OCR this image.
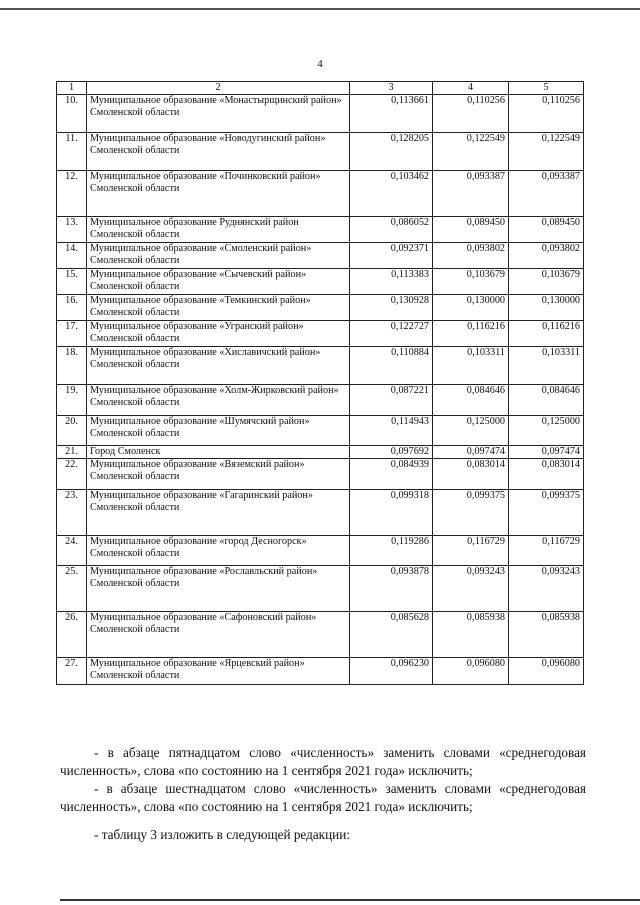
4
1	2	3	4	5
10.	Муниципальное образование «Монастырщинский район» Смоленской области	0,113661	0,110256	0,110256
11.	Муниципальное образование «Новодугинский район» Смоленской области	0,128205	0,122549	0,122549
12.	Муниципальное образование «Починковский район» Смоленской области	0,103462	0,093387	0,093387
13.	Муниципальное образование Руднянский район Смоленской области	0,086052	0,089450	0,089450
14.	Муниципальное образование «Смоленский район» Смоленской области	0,092371	0,093802	0,093802
15.	Муниципальное образование «Сычевский район» Смоленской области	0,113383	0,103679	0,103679
16.	Муниципальное образование «Темкинский район» Смоленской области	0,130928	0,130000	0,130000
17.	Муниципальное образование «Угранский район» Смоленской области	0,122727	0,116216	0,116216
18.	Муниципальное образование «Хиславичский район» Смоленской области	0,110884	0,103311	0,103311
19.	Муниципальное образование «Холм-Жирковский район» Смоленской области	0,087221	0,084646	0,084646
20.	Муниципальное образование «Шумячский район» Смоленской области	0,114943	0,125000	0,125000
21.	Город Смоленск	0,097692	0,097474	0,097474
22.	Муниципальное образование «Вяземский район» Смоленской области	0,084939	0,083014	0,083014
23.	Муниципальное образование «Гагаринский район» Смоленской области	0,099318	0,099375	0,099375
24.	Муниципальное образование «город Десногорск» Смоленской области	0,119286	0,116729	0,116729
25.	Муниципальное образование «Рославльский район» Смоленской области	0,093878	0,093243	0,093243
26.	Муниципальное образование «Сафоновский район» Смоленской области	0,085628	0,085938	0,085938
27.	Муниципальное образование «Ярцевский район» Смоленской области	0,096230	0,096080	0,096080
- в абзаце пятнадцатом слово «численность» заменить словами «среднегодовая численность», слова «по состоянию на 1 сентября 2021 года» исключить;
- в абзаце шестнадцатом слово «численность» заменить словами «среднегодовая численность», слова «по состоянию на 1 сентября 2021 года» исключить;
- таблицу 3 изложить в следующей редакции:
